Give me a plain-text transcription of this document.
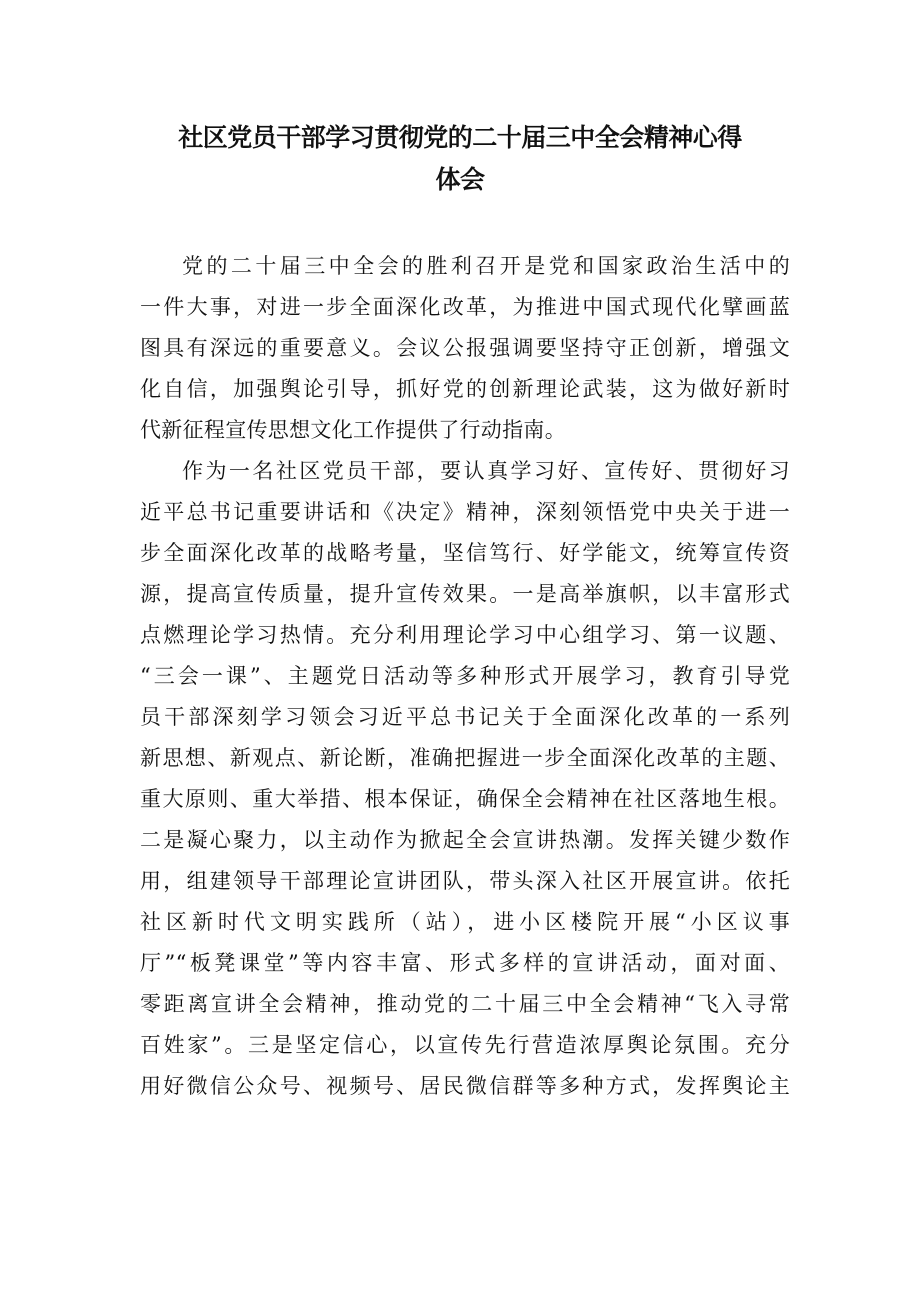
社区党员干部学习贯彻党的二十届三中全会精神心得
体会
党的二十届三中全会的胜利召开是党和国家政治生活中的
一件大事，对进一步全面深化改革，为推进中国式现代化擘画蓝
图具有深远的重要意义。会议公报强调要坚持守正创新，增强文
化自信，加强舆论引导，抓好党的创新理论武装，这为做好新时
代新征程宣传思想文化工作提供了行动指南。
作为一名社区党员干部，要认真学习好、宣传好、贯彻好习
近平总书记重要讲话和《决定》精神，深刻领悟党中央关于进一
步全面深化改革的战略考量，坚信笃行、好学能文，统筹宣传资
源，提高宣传质量，提升宣传效果。一是高举旗帜，以丰富形式
点燃理论学习热情。充分利用理论学习中心组学习、第一议题、
“三会一课”、主题党日活动等多种形式开展学习，教育引导党
员干部深刻学习领会习近平总书记关于全面深化改革的一系列
新思想、新观点、新论断，准确把握进一步全面深化改革的主题、
重大原则、重大举措、根本保证，确保全会精神在社区落地生根。
二是凝心聚力，以主动作为掀起全会宣讲热潮。发挥关键少数作
用，组建领导干部理论宣讲团队，带头深入社区开展宣讲。依托
社区新时代文明实践所（站），进小区楼院开展“小区议事
厅”“板凳课堂”等内容丰富、形式多样的宣讲活动，面对面、
零距离宣讲全会精神，推动党的二十届三中全会精神“飞入寻常
百姓家”。三是坚定信心，以宣传先行营造浓厚舆论氛围。充分
用好微信公众号、视频号、居民微信群等多种方式，发挥舆论主
